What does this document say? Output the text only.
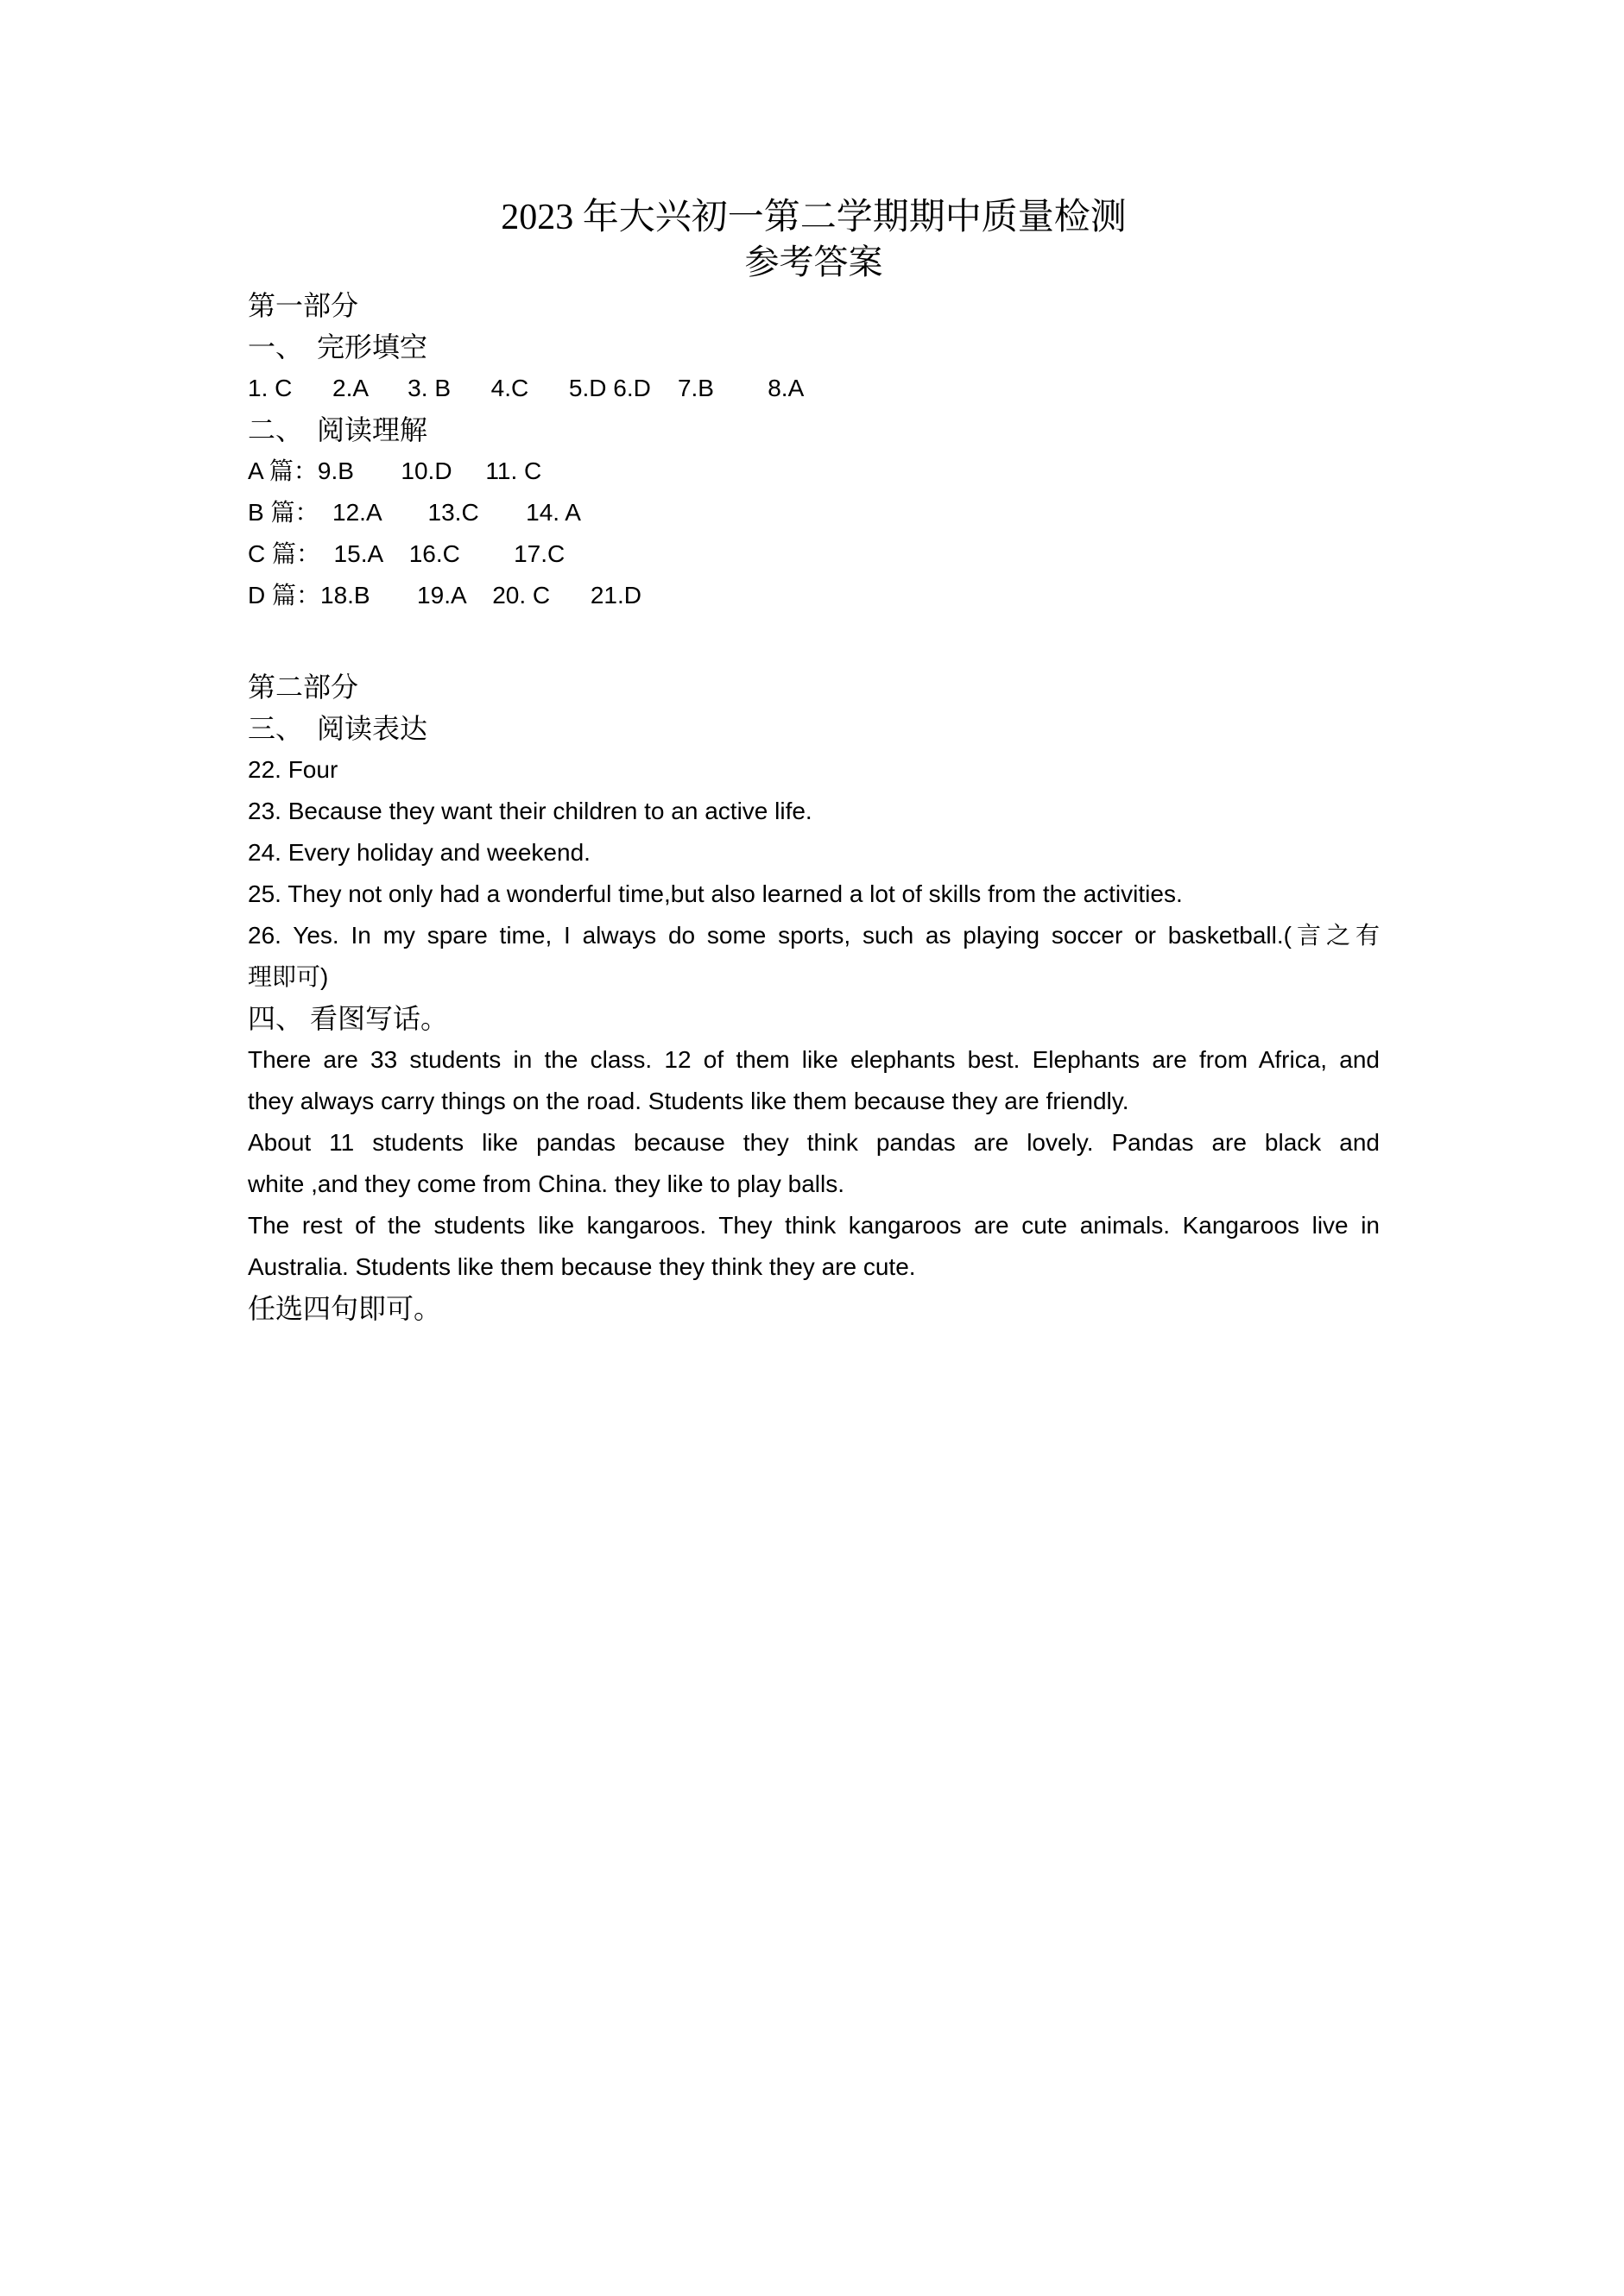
2023 年大兴初一第二学期期中质量检测
参考答案
第一部分
一、  完形填空
1. C      2.A      3. B      4.C      5.D 6.D    7.B        8.A
二、  阅读理解
A 篇：9.B       10.D     11. C
B 篇：  12.A       13.C       14. A
C 篇：  15.A    16.C        17.C
D 篇：18.B       19.A    20. C      21.D
第二部分
三、  阅读表达
22. Four
23. Because they want their children to an active life.
24. Every holiday and weekend.
25. They not only had a wonderful time,but also learned a lot of skills from the activities.
26. Yes. In my spare time, I always do some sports, such as playing soccer or basketball.(言之有
理即可)
四、 看图写话。
There are 33 students in the class. 12 of them like elephants best. Elephants are from Africa, and
they always carry things on the road. Students like them because they are friendly.
About 11 students like pandas because they think pandas are lovely. Pandas are black and
white ,and they come from China. they like to play balls.
The rest of the students like kangaroos. They think kangaroos are cute animals. Kangaroos live in
Australia. Students like them because they think they are cute.
任选四句即可。
